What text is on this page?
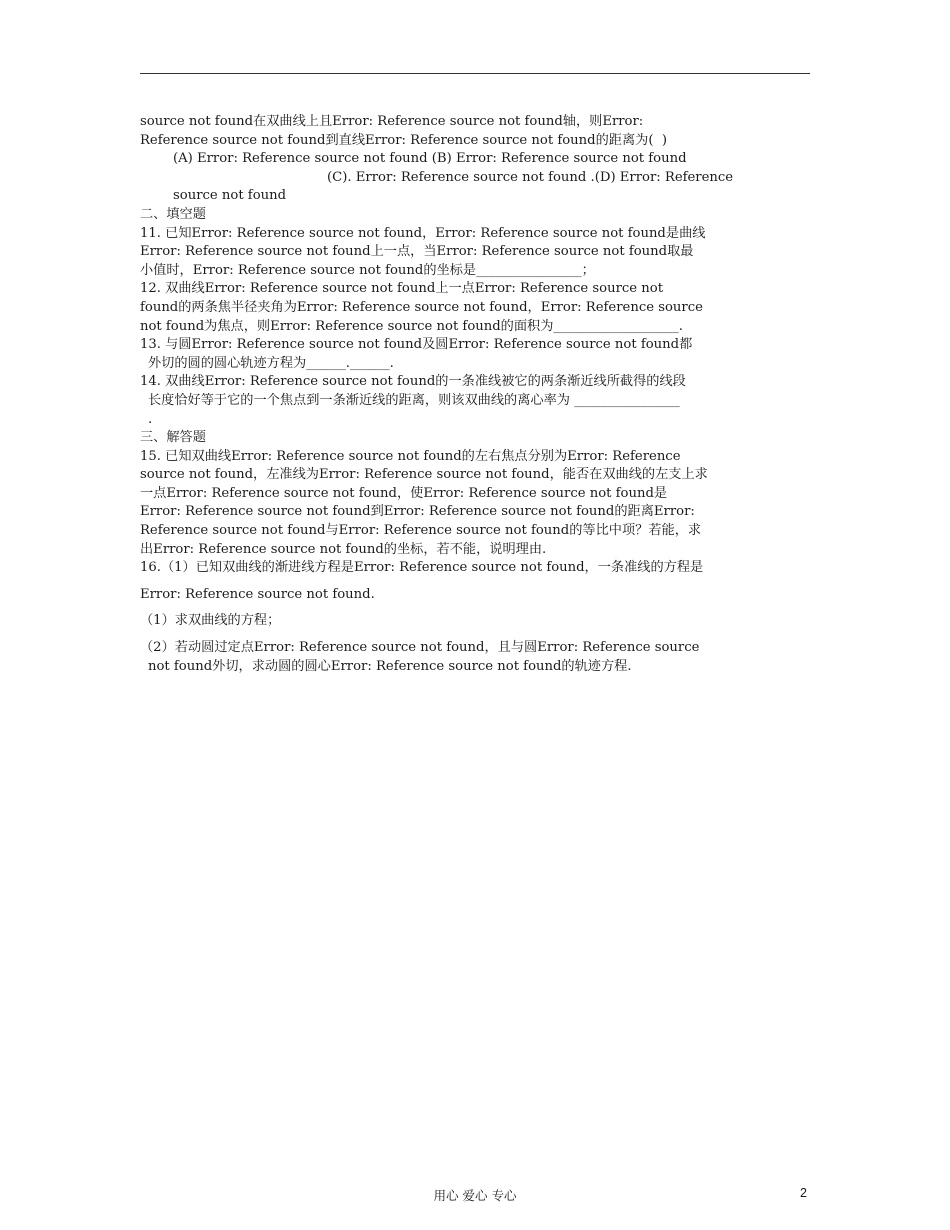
source not found在双曲线上且Error: Reference source not found轴，则Error:
Reference source not found到直线Error: Reference source not found的距离为(  )
(A) Error: Reference source not found (B) Error: Reference source not found
(C). Error: Reference source not found .(D) Error: Reference
source not found
二、填空题
11. 已知Error: Reference source not found，Error: Reference source not found是曲线
Error: Reference source not found上一点，当Error: Reference source not found取最
小值时，Error: Reference source not found的坐标是________________；
12. 双曲线Error: Reference source not found上一点Error: Reference source not
found的两条焦半径夹角为Error: Reference source not found，Error: Reference source
not found为焦点，则Error: Reference source not found的面积为___________________.
13. 与圆Error: Reference source not found及圆Error: Reference source not found都
外切的圆的圆心轨迹方程为______.______.
14. 双曲线Error: Reference source not found的一条准线被它的两条渐近线所截得的线段
长度恰好等于它的一个焦点到一条渐近线的距离，则该双曲线的离心率为 ________________
.
三、解答题
15. 已知双曲线Error: Reference source not found的左右焦点分别为Error: Reference
source not found，左准线为Error: Reference source not found，能否在双曲线的左支上求
一点Error: Reference source not found，使Error: Reference source not found是
Error: Reference source not found到Error: Reference source not found的距离Error:
Reference source not found与Error: Reference source not found的等比中项？若能，求
出Error: Reference source not found的坐标，若不能，说明理由.
16.（1）已知双曲线的渐进线方程是Error: Reference source not found，一条准线的方程是
Error: Reference source not found.
（1）求双曲线的方程；
（2）若动圆过定点Error: Reference source not found，且与圆Error: Reference source
not found外切，求动圆的圆心Error: Reference source not found的轨迹方程.
用心 爱心 专心	2
